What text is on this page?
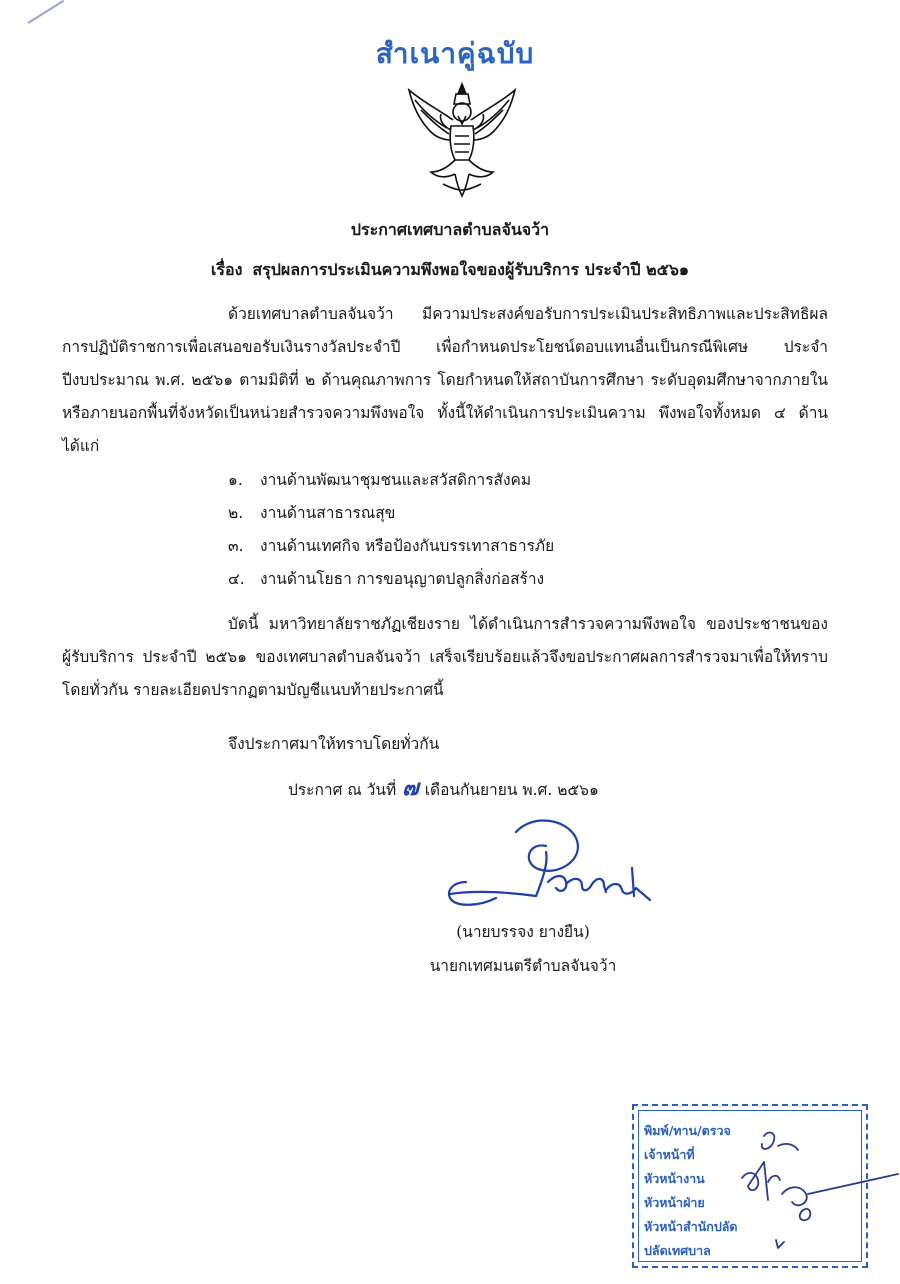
สำเนาคู่ฉบับ
ประกาศเทศบาลตำบลจันจว้า
เรื่อง สรุปผลการประเมินความพึงพอใจของผู้รับบริการ ประจำปี ๒๕๖๑
ด้วยเทศบาลตำบลจันจว้า มีความประสงค์ขอรับการประเมินประสิทธิภาพและประสิทธิผลการปฏิบัติราชการเพื่อเสนอขอรับเงินรางวัลประจำปี เพื่อกำหนดประโยชน์ตอบแทนอื่นเป็นกรณีพิเศษ ประจำปีงบประมาณ พ.ศ. ๒๕๖๑ ตามมิติที่ ๒ ด้านคุณภาพการ โดยกำหนดให้สถาบันการศึกษา ระดับอุดมศึกษาจากภายในหรือภายนอกพื้นที่จังหวัดเป็นหน่วยสำรวจความพึงพอใจ ทั้งนี้ให้ดำเนินการประเมินความ พึงพอใจทั้งหมด ๔ ด้าน ได้แก่
๑. งานด้านพัฒนาชุมชนและสวัสดิการสังคม
๒. งานด้านสาธารณสุข
๓. งานด้านเทศกิจ หรือป้องกันบรรเทาสาธารภัย
๔. งานด้านโยธา การขอนุญาตปลูกสิ่งก่อสร้าง
บัดนี้ มหาวิทยาลัยราชภัฏเชียงราย ได้ดำเนินการสำรวจความพึงพอใจ ของประชาชนของผู้รับบริการ ประจำปี ๒๕๖๑ ของเทศบาลตำบลจันจว้า เสร็จเรียบร้อยแล้วจึงขอประกาศผลการสำรวจมาเพื่อให้ทราบโดยทั่วกัน รายละเอียดปรากฏตามบัญชีแนบท้ายประกาศนี้
จึงประกาศมาให้ทราบโดยทั่วกัน
ประกาศ ณ วันที่ ๗ เดือนกันยายน พ.ศ. ๒๕๖๑
(นายบรรจง ยางยืน)
นายกเทศมนตรีตำบลจันจว้า
พิมพ์/ทาน/ตรวจ
เจ้าหน้าที่
หัวหน้างาน
หัวหน้าฝ่าย
หัวหน้าสำนักปลัด
ปลัดเทศบาล
